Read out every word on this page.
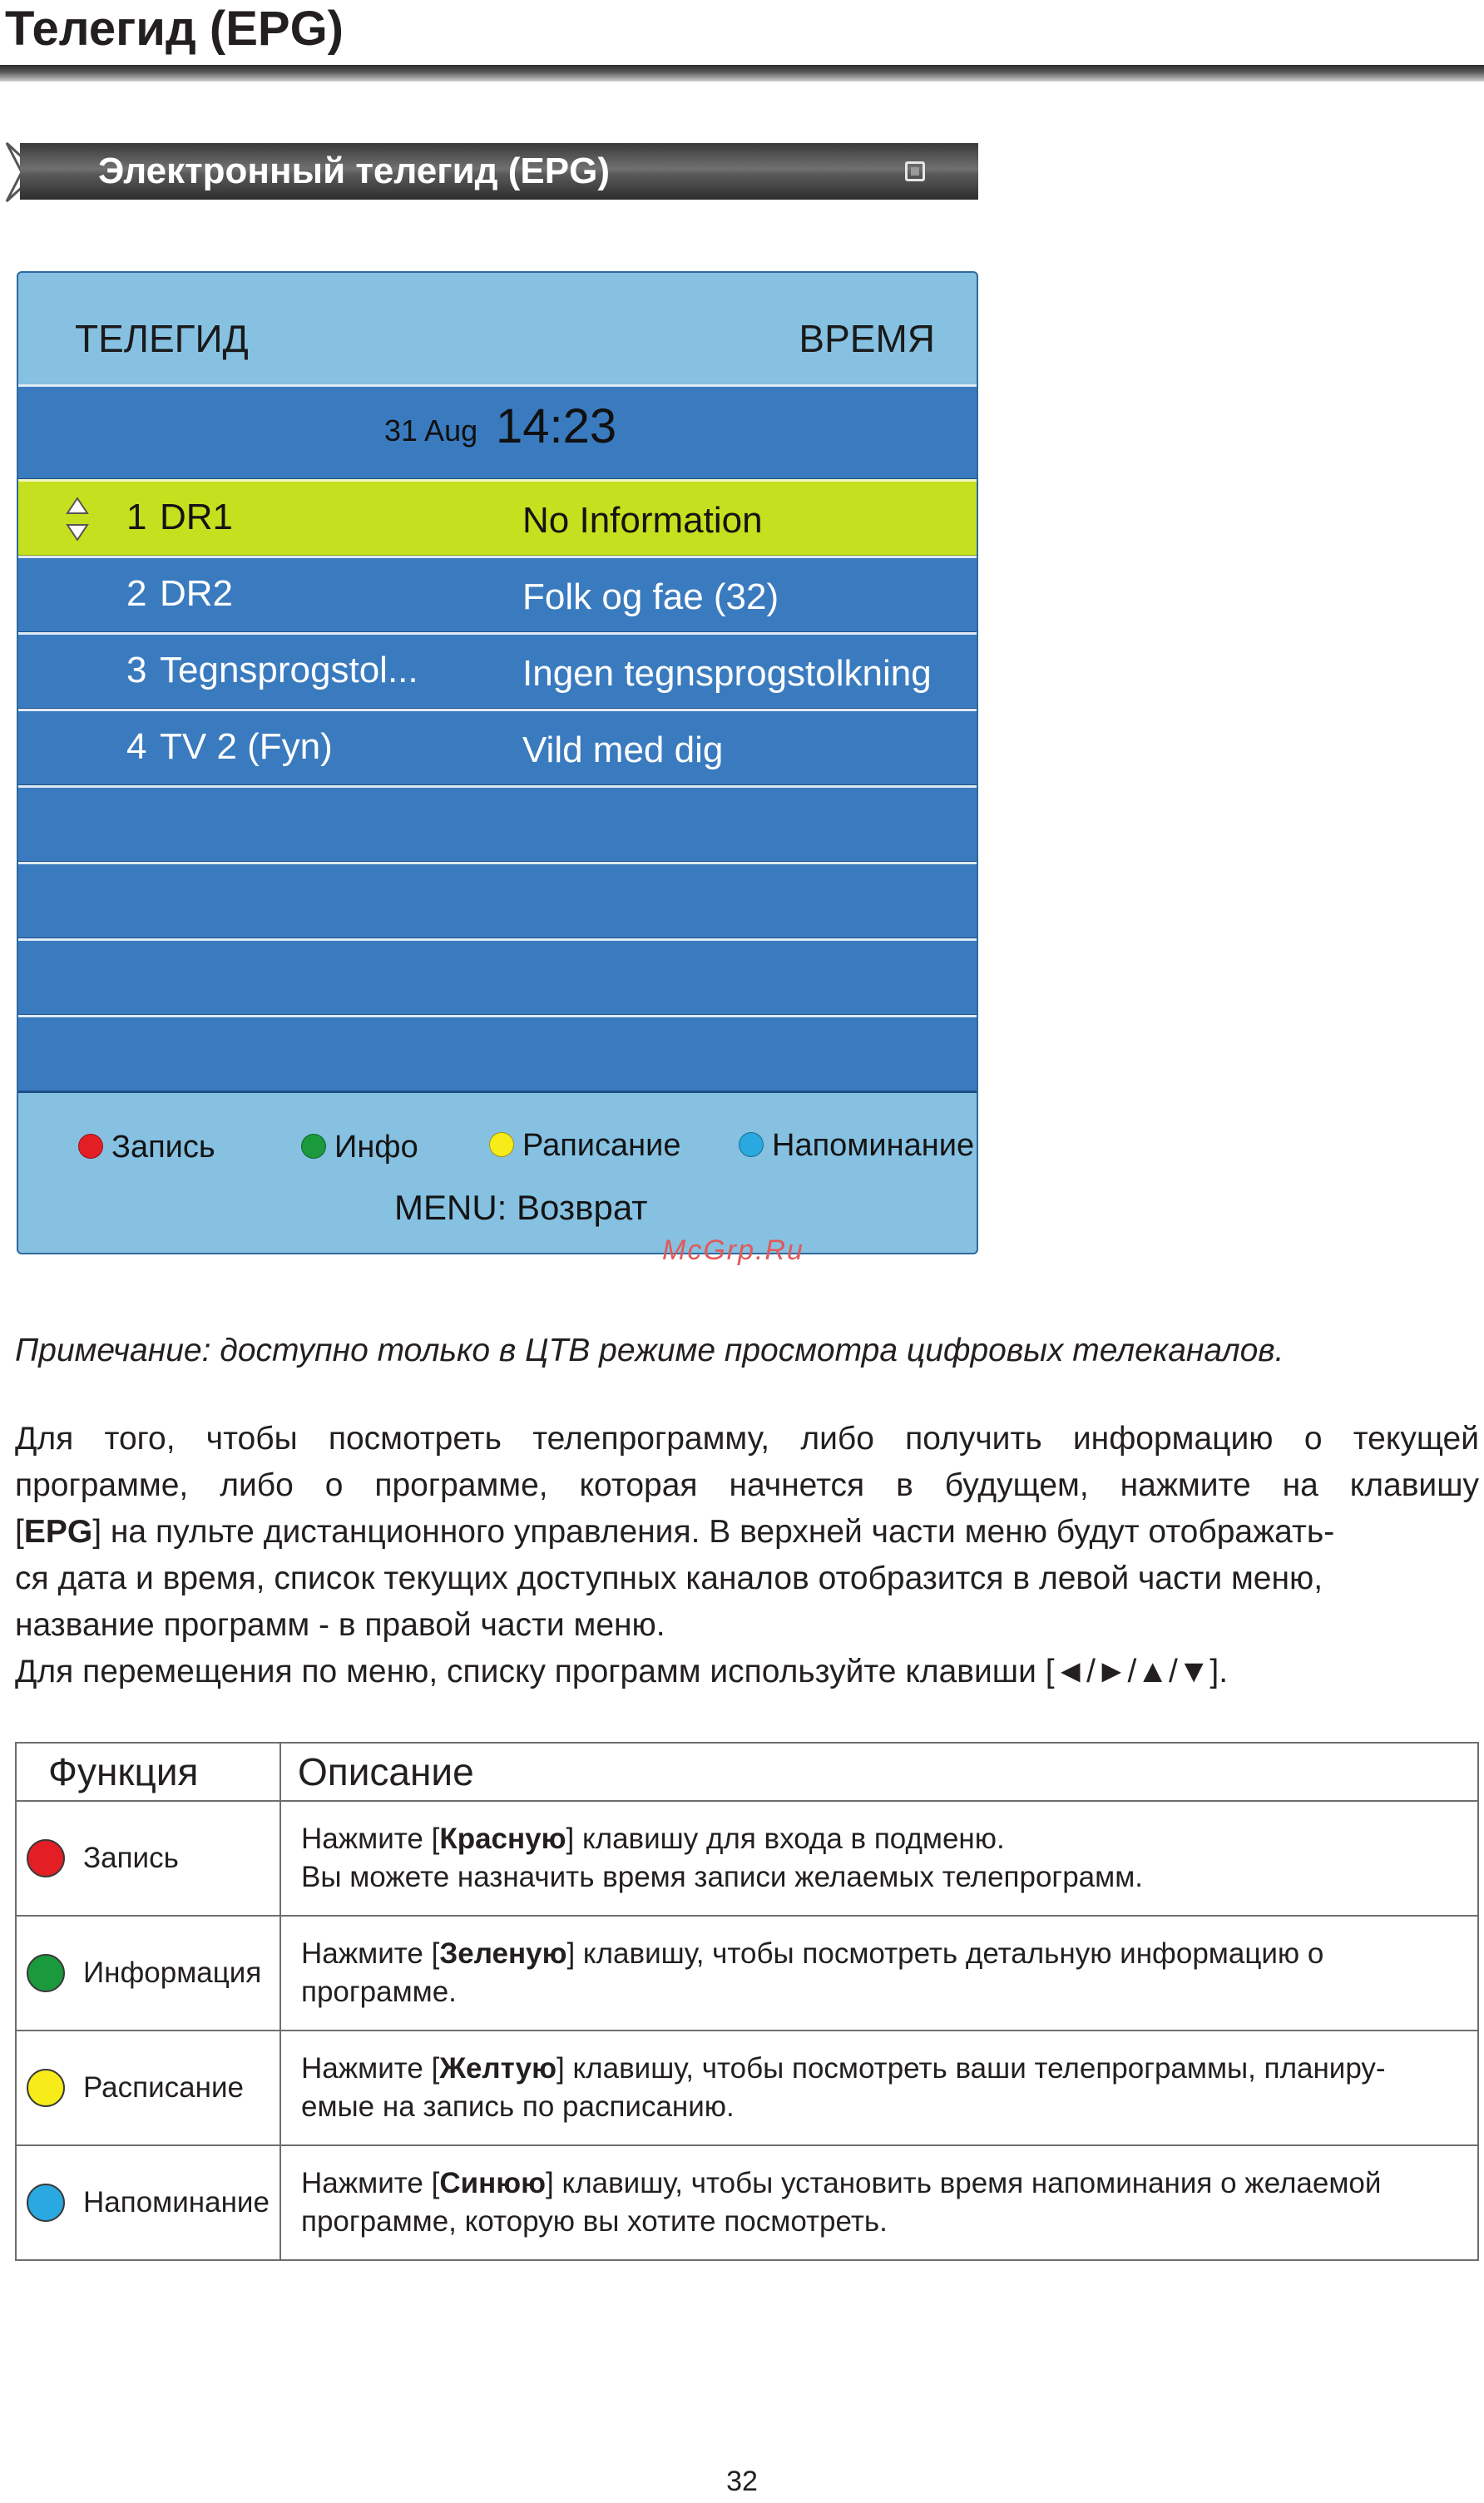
Телегид (EPG)
Электронный телегид (EPG)
ТЕЛЕГИД	ВРЕМЯ
31 Aug 14:23
1 DR1	No Information
2 DR2	Folk og fae (32)
3 Tegnsprogstol...	Ingen tegnsprogstolkning
4 TV 2 (Fyn)	Vild med dig
Запись	Инфо	Раписание	Напоминание
MENU: Возврат
McGrp.Ru
Примечание: доступно только в ЦТВ режиме просмотра цифровых телеканалов.

Для того, чтобы посмотреть телепрограмму, либо получить информацию о текущей

программе, либо о программе, которая начнется в будущем, нажмите на клавишу

[EPG] на пульте дистанционного управления. В верхней части меню будут отображать-

ся дата и время, список текущих доступных каналов отобразится в левой части меню,

название программ - в правой части меню.

Для перемещения по меню, списку программ используйте клавиши [◄/►/▲/▼].

Функция	Описание
Запись	Нажмите [Красную] клавишу для входа в подменю.
Вы можете назначить время записи желаемых телепрограмм.
Информация	Нажмите [Зеленую] клавишу, чтобы посмотреть детальную информацию о
программе.
Расписание	Нажмите [Желтую] клавишу, чтобы посмотреть ваши телепрограммы, планиру-
емые на запись по расписанию.
Напоминание	Нажмите [Синюю] клавишу, чтобы установить время напоминания о желаемой
программе, которую вы хотите посмотреть.
32
